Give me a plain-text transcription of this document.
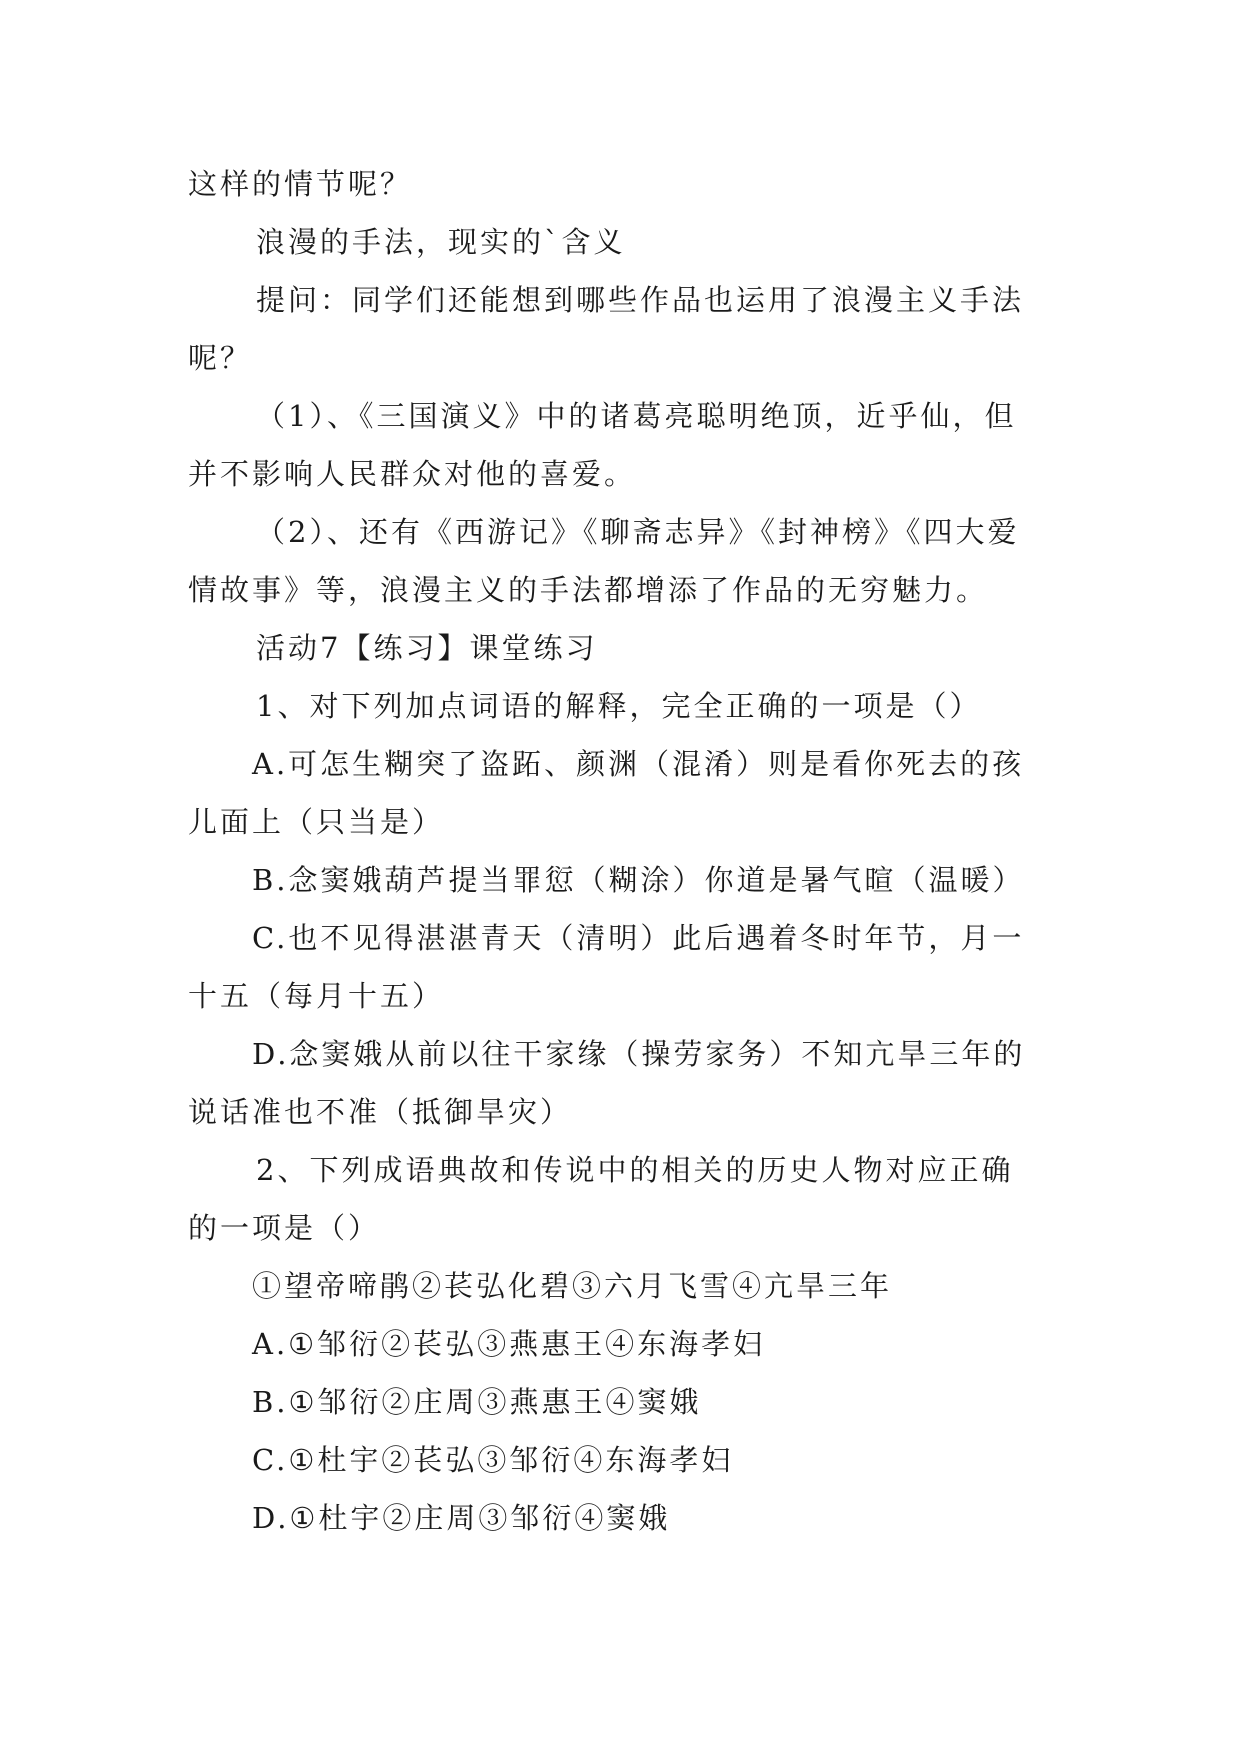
这样的情节呢？
浪漫的手法，现实的`含义
提问：同学们还能想到哪些作品也运用了浪漫主义手法
呢？
（1）、《三国演义》中的诸葛亮聪明绝顶，近乎仙，但
并不影响人民群众对他的喜爱。
（2）、还有《西游记》《聊斋志异》《封神榜》《四大爱
情故事》等，浪漫主义的手法都增添了作品的无穷魅力。
活动7【练习】课堂练习
1、对下列加点词语的解释，完全正确的一项是（）
A.可怎生糊突了盗跖、颜渊（混淆）则是看你死去的孩
儿面上（只当是）
B.念窦娥葫芦提当罪愆（糊涂）你道是暑气暄（温暖）
C.也不见得湛湛青天（清明）此后遇着冬时年节，月一
十五（每月十五）
D.念窦娥从前以往干家缘（操劳家务）不知亢旱三年的
说话准也不准（抵御旱灾）
2、下列成语典故和传说中的相关的历史人物对应正确
的一项是（）
①望帝啼鹃②苌弘化碧③六月飞雪④亢旱三年
A.①邹衍②苌弘③燕惠王④东海孝妇
B.①邹衍②庄周③燕惠王④窦娥
C.①杜宇②苌弘③邹衍④东海孝妇
D.①杜宇②庄周③邹衍④窦娥
